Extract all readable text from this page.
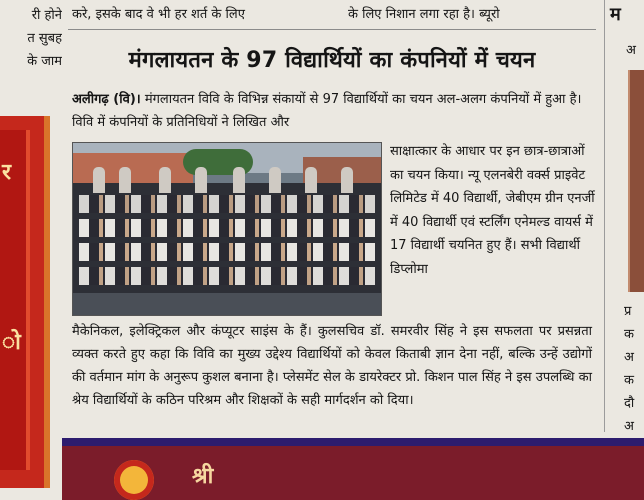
री होने
त सुबह
के जाम
र
ो
करे, इसके बाद वे भी हर शर्त के लिए	के लिए निशान लगा रहा है। ब्यूरो
मंगलायतन के 97 विद्यार्थियों का कंपनियों में चयन
अलीगढ़ (वि)। मंगलायतन विवि के विभिन्न संकायों से 97 विद्यार्थियों का चयन अल-अलग कंपनियों में हुआ है। विवि में कंपनियों के प्रतिनिधियों ने लिखित और
साक्षात्कार के आधार पर इन छात्र-छात्राओं का चयन किया। न्यू एलनबेरी वर्क्स प्राइवेट लिमिटेड में 40 विद्यार्थी, जेबीएम ग्रीन एनर्जी में 40 विद्यार्थी एवं स्टर्लिंग एनेमल्ड वायर्स में 17 विद्यार्थी चयनित हुए हैं। सभी विद्यार्थी डिप्लोमा
मैकेनिकल, इलेक्ट्रिकल और कंप्यूटर साइंस के हैं। कुलसचिव डॉ. समरवीर सिंह ने इस सफलता पर प्रसन्नता व्यक्त करते हुए कहा कि विवि का मुख्य उद्देश्य विद्यार्थियों को केवल किताबी ज्ञान देना नहीं, बल्कि उन्हें उद्योगों की वर्तमान मांग के अनुरूप कुशल बनाना है। प्लेसमेंट सेल के डायरेक्टर प्रो. किशन पाल सिंह ने इस उपलब्धि का श्रेय विद्यार्थियों के कठिन परिश्रम और शिक्षकों के सही मार्गदर्शन को दिया।
म
अ
प्र
क
अ
क
दौ
अ
श्री
